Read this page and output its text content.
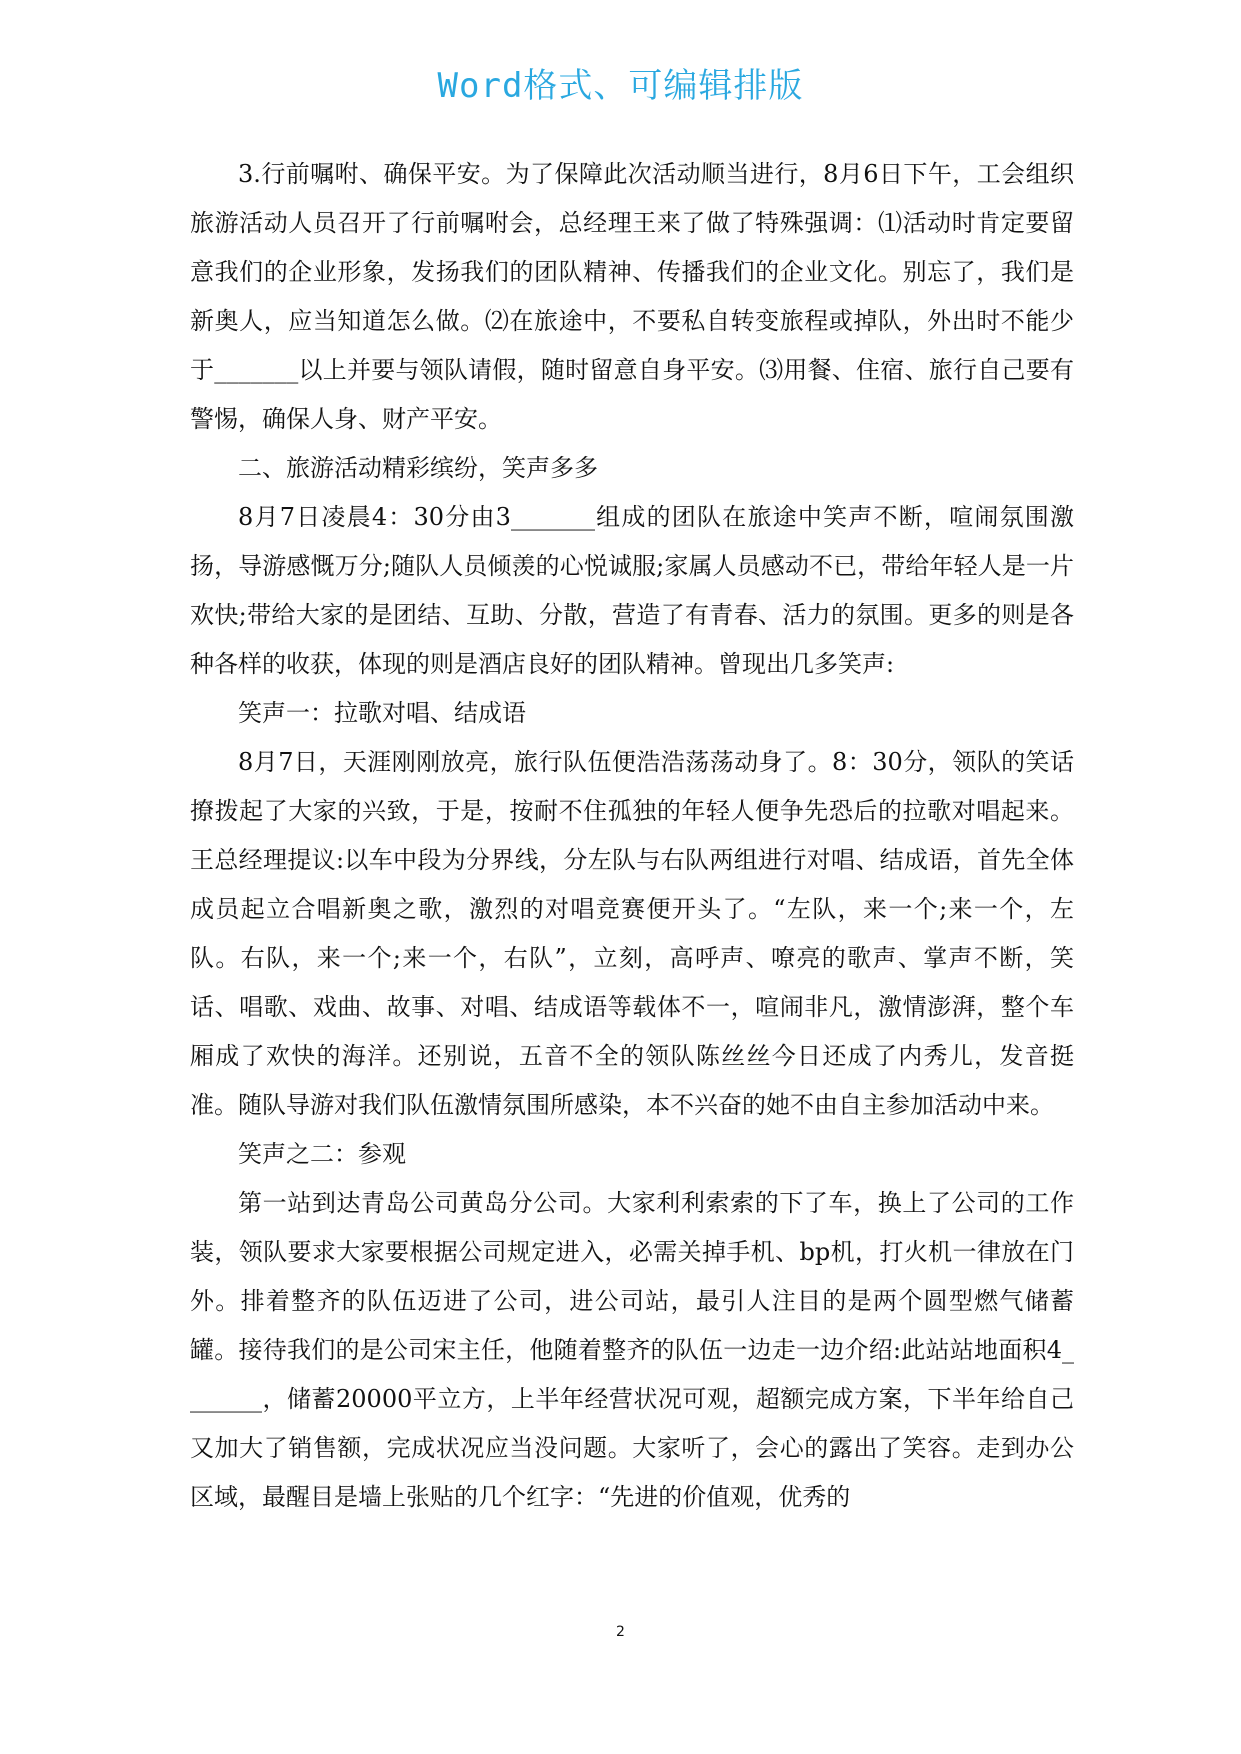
Word格式、可编辑排版

3.行前嘱咐、确保平安。为了保障此次活动顺当进行，8月6日下午，工会组织旅游活动人员召开了行前嘱咐会，总经理王来了做了特殊强调：⑴活动时肯定要留意我们的企业形象，发扬我们的团队精神、传播我们的企业文化。别忘了，我们是新奥人，应当知道怎么做。⑵在旅途中，不要私自转变旅程或掉队，外出时不能少于_______以上并要与领队请假，随时留意自身平安。⑶用餐、住宿、旅行自己要有警惕，确保人身、财产平安。

二、旅游活动精彩缤纷，笑声多多

8月7日凌晨4：30分由3_______组成的团队在旅途中笑声不断，喧闹氛围激扬，导游感慨万分;随队人员倾羡的心悦诚服;家属人员感动不已，带给年轻人是一片欢快;带给大家的是团结、互助、分散，营造了有青春、活力的氛围。更多的则是各种各样的收获，体现的则是酒店良好的团队精神。曾现出几多笑声:

笑声一：拉歌对唱、结成语

8月7日，天涯刚刚放亮，旅行队伍便浩浩荡荡动身了。8：30分，领队的笑话撩拨起了大家的兴致，于是，按耐不住孤独的年轻人便争先恐后的拉歌对唱起来。王总经理提议:以车中段为分界线，分左队与右队两组进行对唱、结成语，首先全体成员起立合唱新奥之歌，激烈的对唱竞赛便开头了。“左队，来一个;来一个，左队。右队，来一个;来一个，右队”，立刻，高呼声、嘹亮的歌声、掌声不断，笑话、唱歌、戏曲、故事、对唱、结成语等载体不一，喧闹非凡，激情澎湃，整个车厢成了欢快的海洋。还别说，五音不全的领队陈丝丝今日还成了内秀儿，发音挺准。随队导游对我们队伍激情氛围所感染，本不兴奋的她不由自主参加活动中来。

笑声之二：参观

第一站到达青岛公司黄岛分公司。大家利利索索的下了车，换上了公司的工作装，领队要求大家要根据公司规定进入，必需关掉手机、bp机，打火机一律放在门外。排着整齐的队伍迈进了公司，进公司站，最引人注目的是两个圆型燃气储蓄罐。接待我们的是公司宋主任，他随着整齐的队伍一边走一边介绍:此站站地面积4_______，储蓄20000平立方，上半年经营状况可观，超额完成方案，下半年给自己又加大了销售额，完成状况应当没问题。大家听了，会心的露出了笑容。走到办公区域，最醒目是墙上张贴的几个红字：“先进的价值观，优秀的

2
